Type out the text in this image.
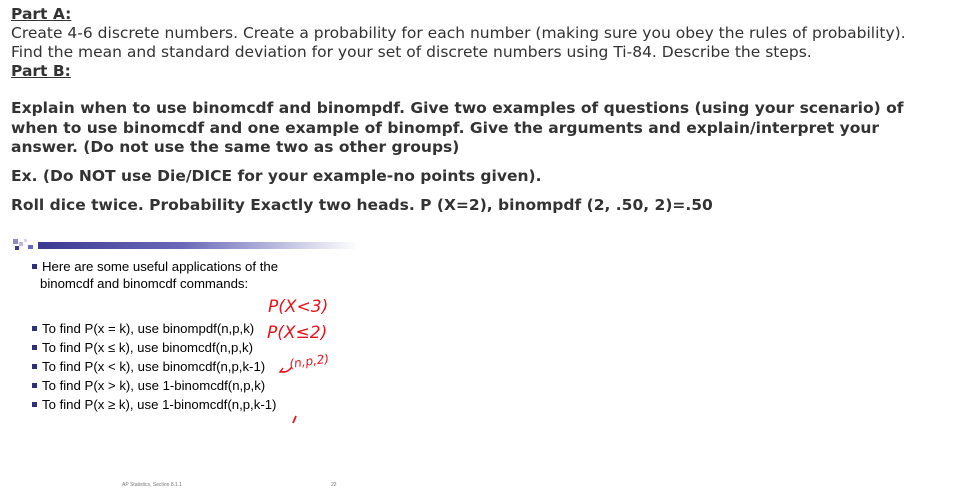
Part A:
Create 4-6 discrete numbers. Create a probability for each number (making sure you obey the rules of probability).
Find the mean and standard deviation for your set of discrete numbers using Ti-84. Describe the steps.
Part B:
Explain when to use binomcdf and binompdf. Give two examples of questions (using your scenario) of
when to use binomcdf and one example of binompf. Give the arguments and explain/interpret your
answer. (Do not use the same two as other groups)
Ex. (Do NOT use Die/DICE for your example-no points given).
Roll dice twice. Probability Exactly two heads. P (X=2), binompdf (2, .50, 2)=.50
Here are some useful applications of the
binomcdf and binomcdf commands:
To find P(x = k), use binompdf(n,p,k)
To find P(x ≤ k), use binomcdf(n,p,k)
To find P(x < k), use binomcdf(n,p,k-1)
To find P(x > k), use 1-binomcdf(n,p,k)
To find P(x ≥ k), use 1-binomcdf(n,p,k-1)
AP Statistics, Section 8.1.1	22
P(X<3)
P(X≤2)
(n,p,2)
